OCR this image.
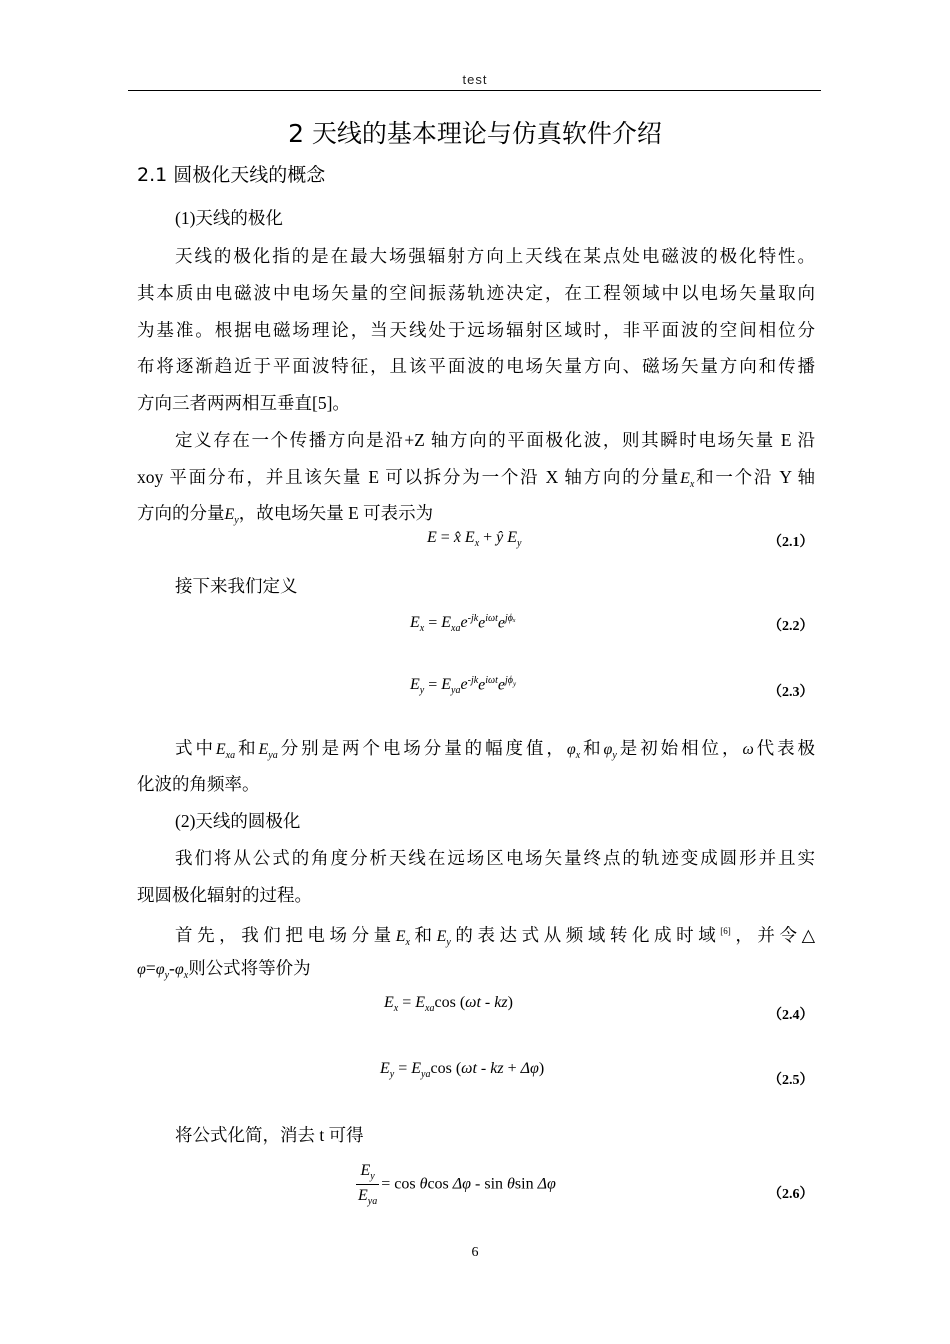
test
2 天线的基本理论与仿真软件介绍
2.1 圆极化天线的概念
(1)天线的极化
天线的极化指的是在最大场强辐射方向上天线在某点处电磁波的极化特性。
其本质由电磁波中电场矢量的空间振荡轨迹决定，在工程领域中以电场矢量取向
为基准。根据电磁场理论，当天线处于远场辐射区域时，非平面波的空间相位分
布将逐渐趋近于平面波特征，且该平面波的电场矢量方向、磁场矢量方向和传播
方向三者两两相互垂直[5]。
定义存在一个传播方向是沿+Z 轴方向的平面极化波，则其瞬时电场矢量 E 沿
xoy 平面分布，并且该矢量 E 可以拆分为一个沿 X 轴方向的分量$E_x$和一个沿 Y 轴
方向的分量$E_y$，故电场矢量 E 可表示为
E = x̂ $E_x$ + ŷ $E_y$	（2.1）
接下来我们定义
$E_x = E_{xa}e^{-jk}e^{i\omega t}e^{j\phi_x}$
（2.2）
$E_y = E_{ya}e^{-jk}e^{i\omega t}e^{j\phi_y}$
（2.3）
式中$E_{xa}$和$E_{ya}$分别是两个电场分量的幅度值，$\varphi_x$和$\varphi_y$是初始相位，ω代表极
化波的角频率。
(2)天线的圆极化
我们将从公式的角度分析天线在远场区电场矢量终点的轨迹变成圆形并且实
现圆极化辐射的过程。
首先，我们把电场分量$E_x$和$E_y$的表达式从频域转化成时域[6]，并令△
$\varphi=\varphi_y-\varphi_x$则公式将等价为
$E_x = E_{xa}\cos$ (ωt - kz)
（2.4）
$E_y = E_{ya}\cos$ (ωt - kz + Δφ)
（2.5）
将公式化简，消去 t 可得
$\frac{E_y}{E_{ya}} = \cos \theta\cos$ Δφ - sin θsin Δφ
（2.6）
6
